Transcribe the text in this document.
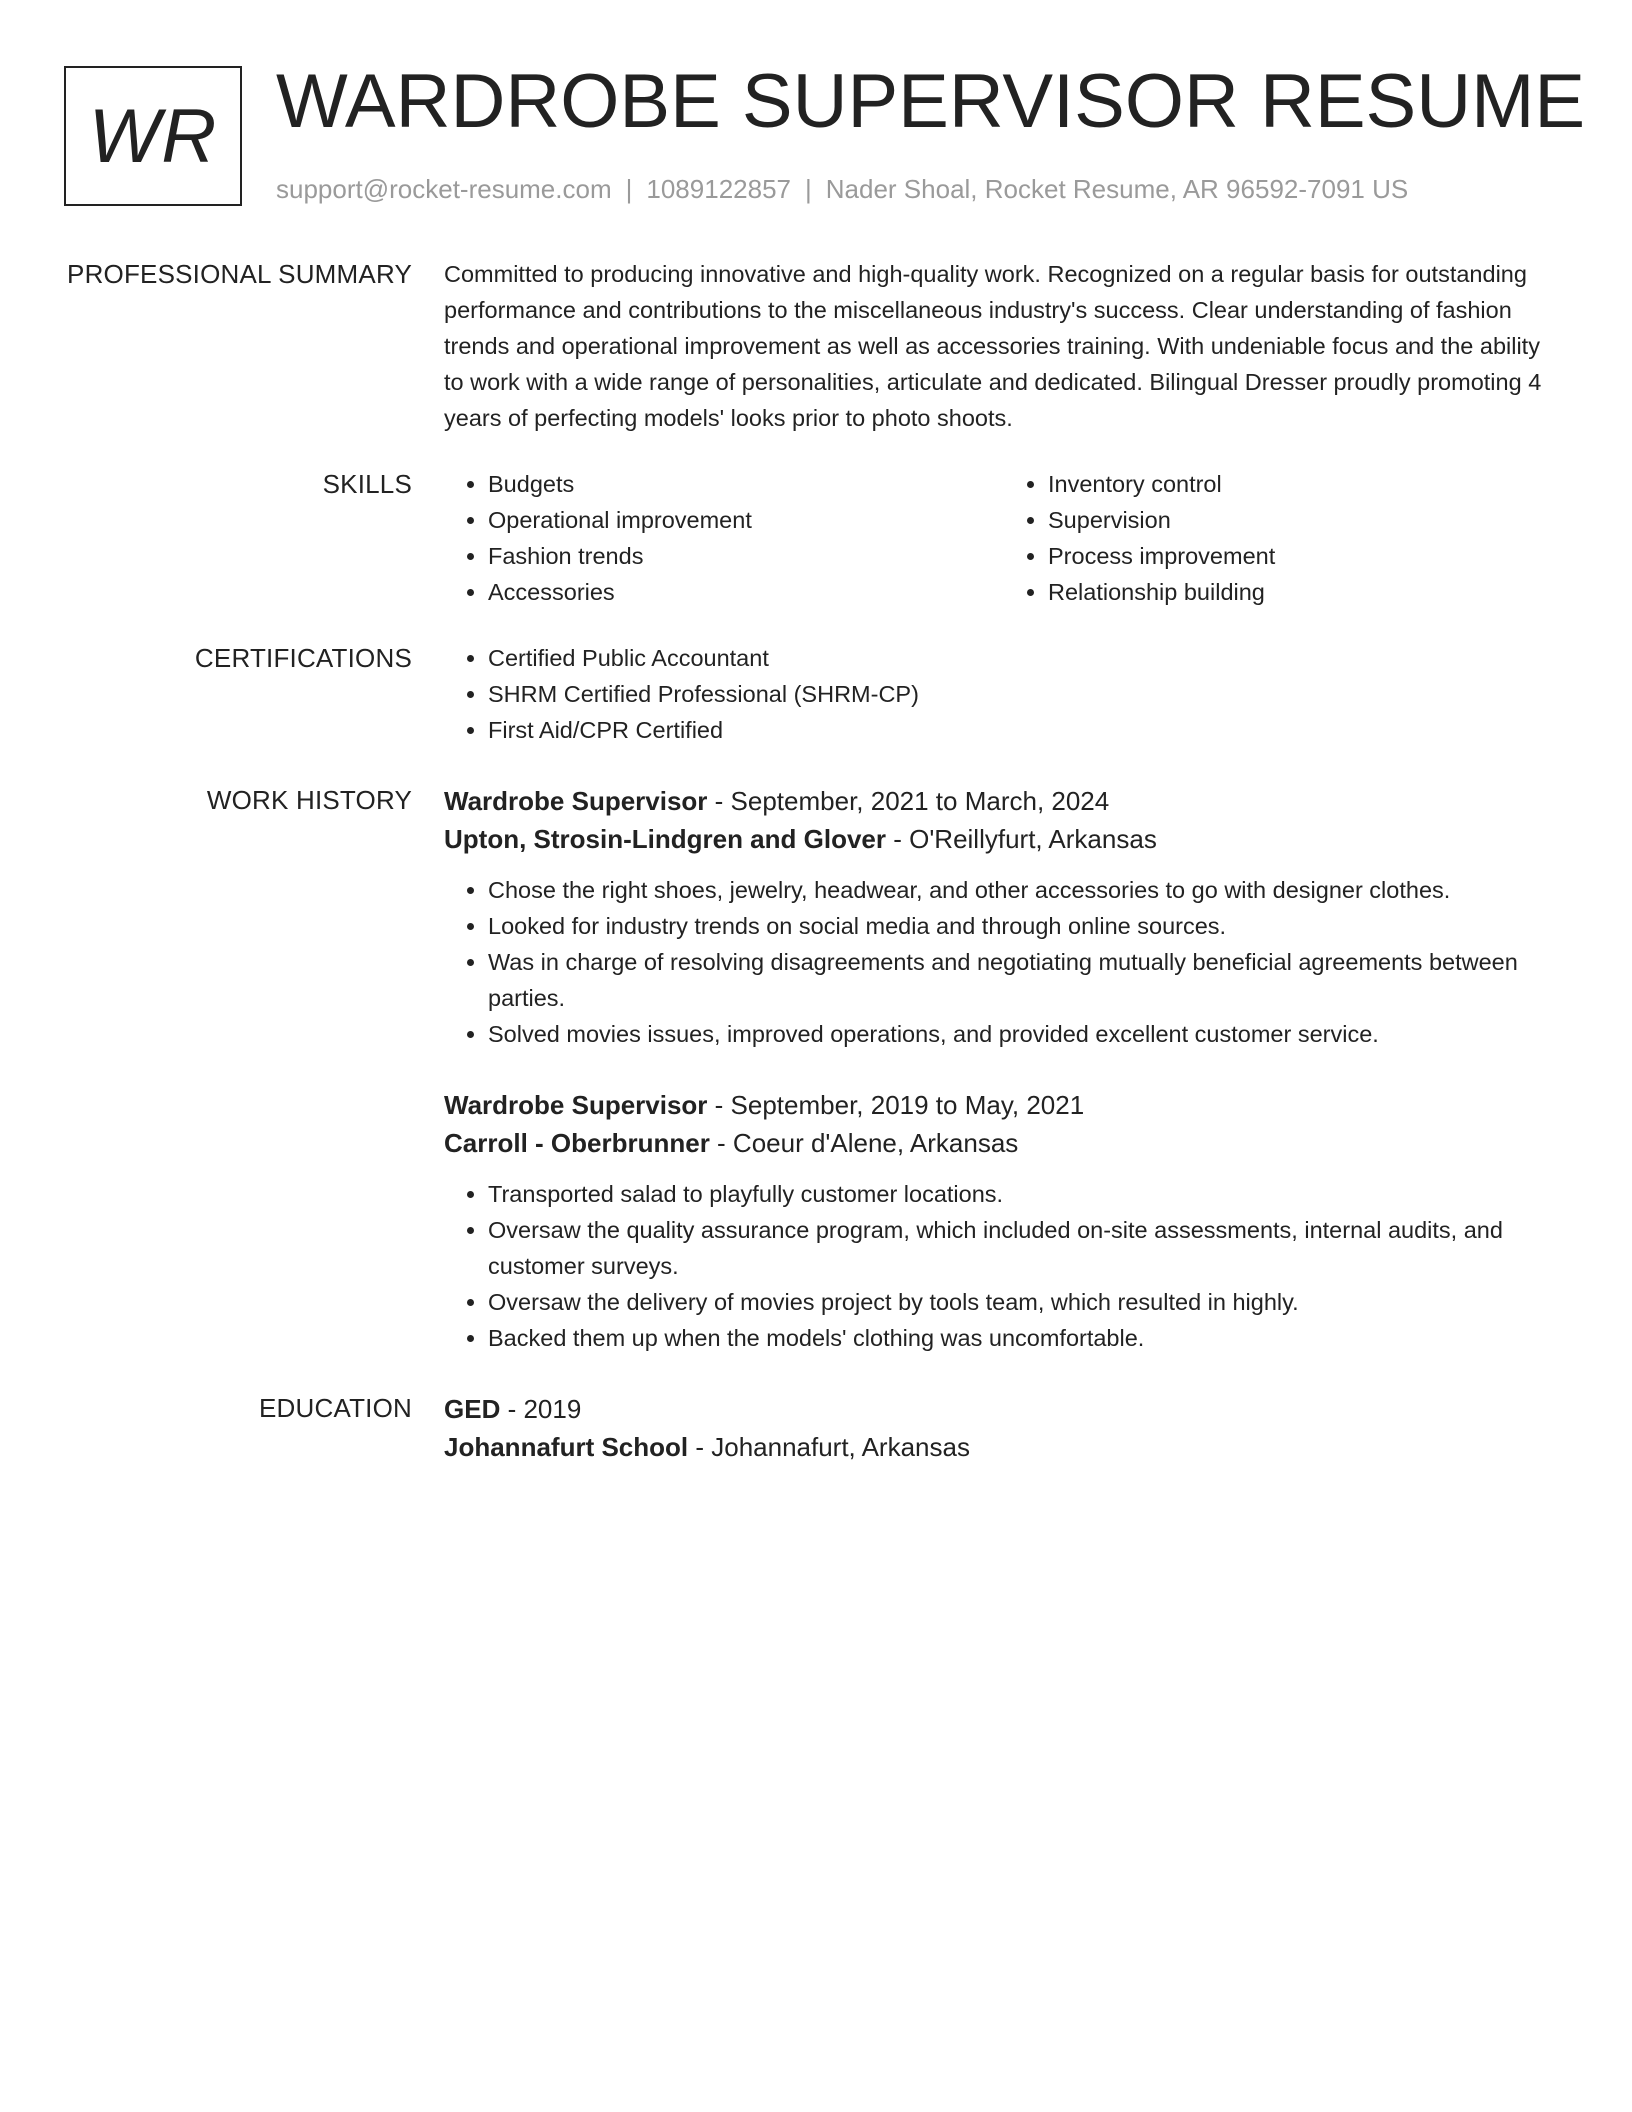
WR WARDROBE SUPERVISOR RESUME
support@rocket-resume.com | 1089122857 | Nader Shoal, Rocket Resume, AR 96592-7091 US
PROFESSIONAL SUMMARY Committed to producing innovative and high-quality work. Recognized on a regular basis for outstanding performance and contributions to the miscellaneous industry's success. Clear understanding of fashion trends and operational improvement as well as accessories training. With undeniable focus and the ability to work with a wide range of personalities, articulate and dedicated. Bilingual Dresser proudly promoting 4 years of perfecting models' looks prior to photo shoots.

SKILLS	• Budgets
• Operational improvement
• Fashion trends
• Accessories
• Inventory control
• Supervision
• Process improvement
• Relationship building
CERTIFICATIONS	• Certified Public Accountant
• SHRM Certified Professional (SHRM-CP)
• First Aid/CPR Certified
WORK HISTORY Wardrobe Supervisor - September, 2021 to March, 2024
Upton, Strosin-Lindgren and Glover - O'Reillyfurt, Arkansas
• Chose the right shoes, jewelry, headwear, and other accessories to go with designer clothes.
• Looked for industry trends on social media and through online sources.
• Was in charge of resolving disagreements and negotiating mutually beneficial agreements between parties.
• Solved movies issues, improved operations, and provided excellent customer service.
Wardrobe Supervisor - September, 2019 to May, 2021
Carroll - Oberbrunner - Coeur d'Alene, Arkansas
• Transported salad to playfully customer locations.
• Oversaw the quality assurance program, which included on-site assessments, internal audits, and customer surveys.
• Oversaw the delivery of movies project by tools team, which resulted in highly.
• Backed them up when the models' clothing was uncomfortable.
EDUCATION GED - 2019
Johannafurt School - Johannafurt, Arkansas
